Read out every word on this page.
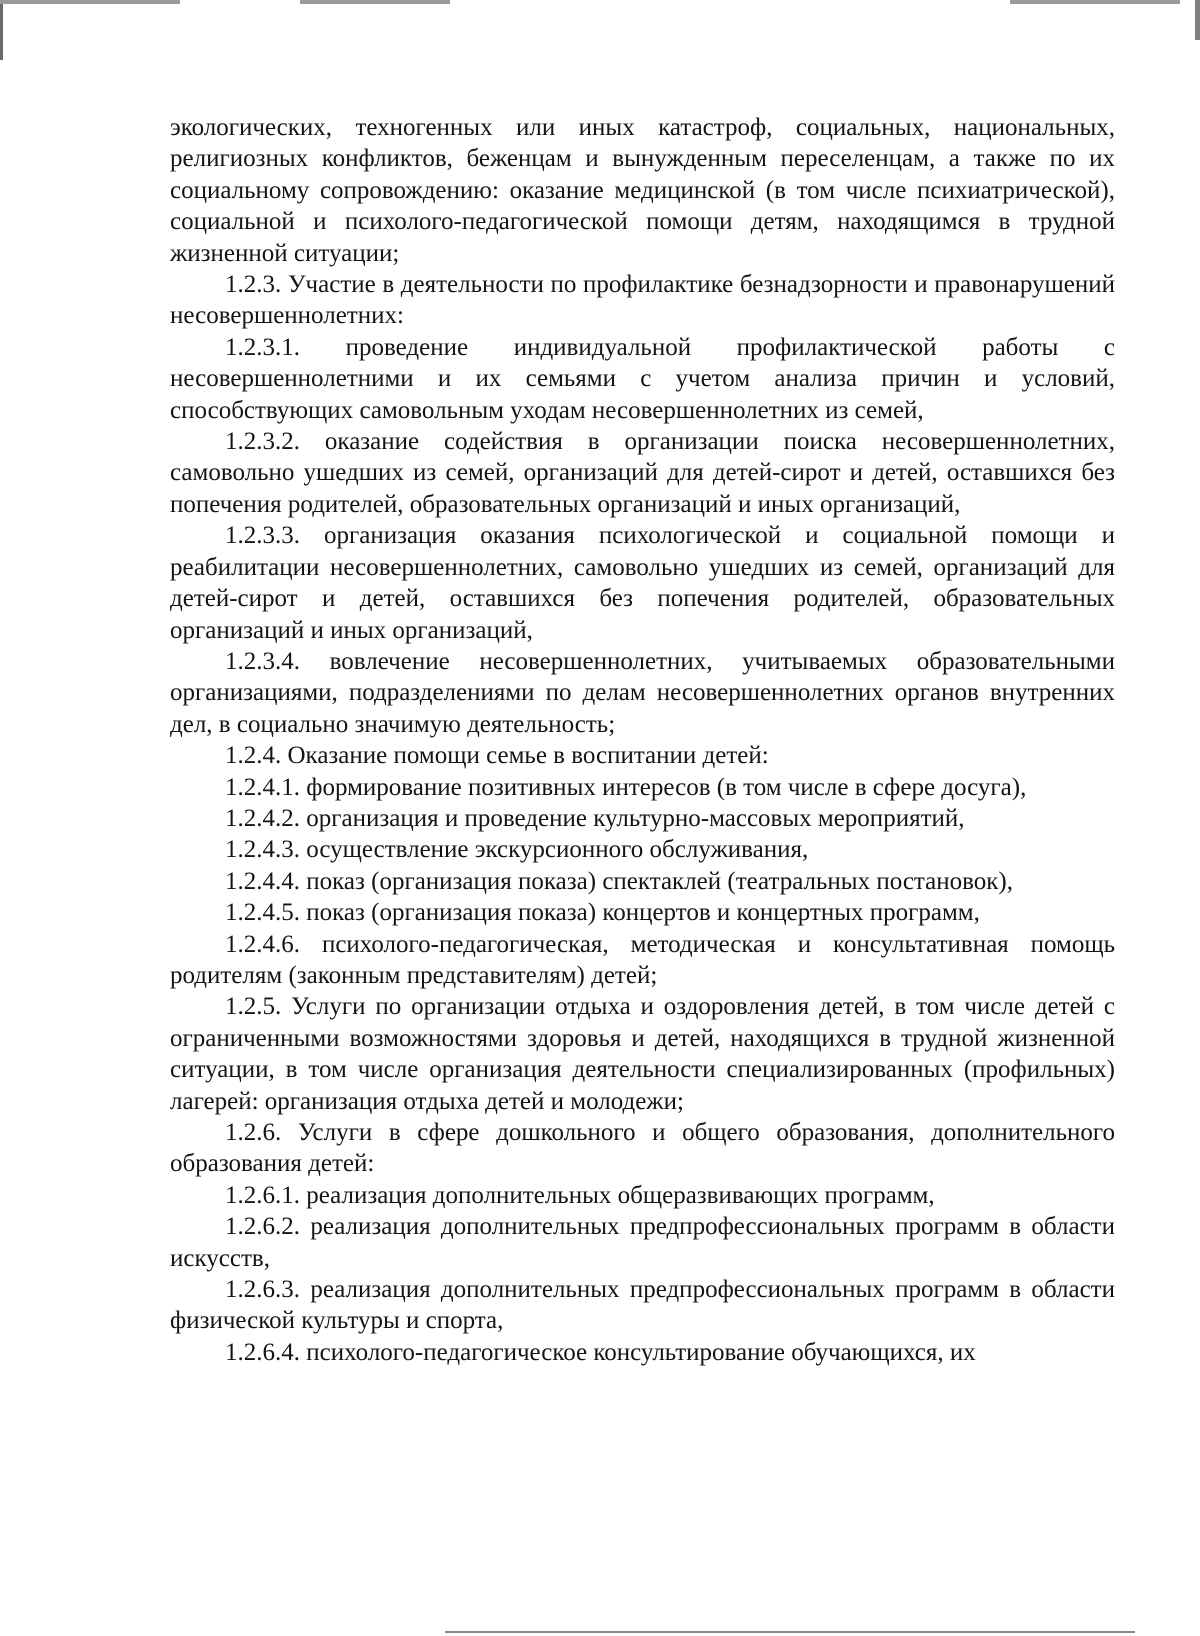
экологических, техногенных или иных катастроф, социальных, национальных, религиозных конфликтов, беженцам и вынужденным переселенцам, а также по их социальному сопровождению: оказание медицинской (в том числе психиатрической), социальной и психолого-педагогической помощи детям, находящимся в трудной жизненной ситуации;

1.2.3. Участие в деятельности по профилактике безнадзорности и правонарушений несовершеннолетних:

1.2.3.1. проведение индивидуальной профилактической работы с несовершеннолетними и их семьями с учетом анализа причин и условий, способствующих самовольным уходам несовершеннолетних из семей,

1.2.3.2. оказание содействия в организации поиска несовершеннолетних, самовольно ушедших из семей, организаций для детей-сирот и детей, оставшихся без попечения родителей, образовательных организаций и иных организаций,

1.2.3.3. организация оказания психологической и социальной помощи и реабилитации несовершеннолетних, самовольно ушедших из семей, организаций для детей-сирот и детей, оставшихся без попечения родителей, образовательных организаций и иных организаций,

1.2.3.4. вовлечение несовершеннолетних, учитываемых образовательными организациями, подразделениями по делам несовершеннолетних органов внутренних дел, в социально значимую деятельность;

1.2.4. Оказание помощи семье в воспитании детей:

1.2.4.1. формирование позитивных интересов (в том числе в сфере досуга),

1.2.4.2. организация и проведение культурно-массовых мероприятий,

1.2.4.3. осуществление экскурсионного обслуживания,

1.2.4.4. показ (организация показа) спектаклей (театральных постановок),

1.2.4.5. показ (организация показа) концертов и концертных программ,

1.2.4.6. психолого-педагогическая, методическая и консультативная помощь родителям (законным представителям) детей;

1.2.5. Услуги по организации отдыха и оздоровления детей, в том числе детей с ограниченными возможностями здоровья и детей, находящихся в трудной жизненной ситуации, в том числе организация деятельности специализированных (профильных) лагерей: организация отдыха детей и молодежи;

1.2.6. Услуги в сфере дошкольного и общего образования, дополнительного образования детей:

1.2.6.1. реализация дополнительных общеразвивающих программ,

1.2.6.2. реализация дополнительных предпрофессиональных программ в области искусств,

1.2.6.3. реализация дополнительных предпрофессиональных программ в области физической культуры и спорта,

1.2.6.4. психолого-педагогическое консультирование обучающихся, их
